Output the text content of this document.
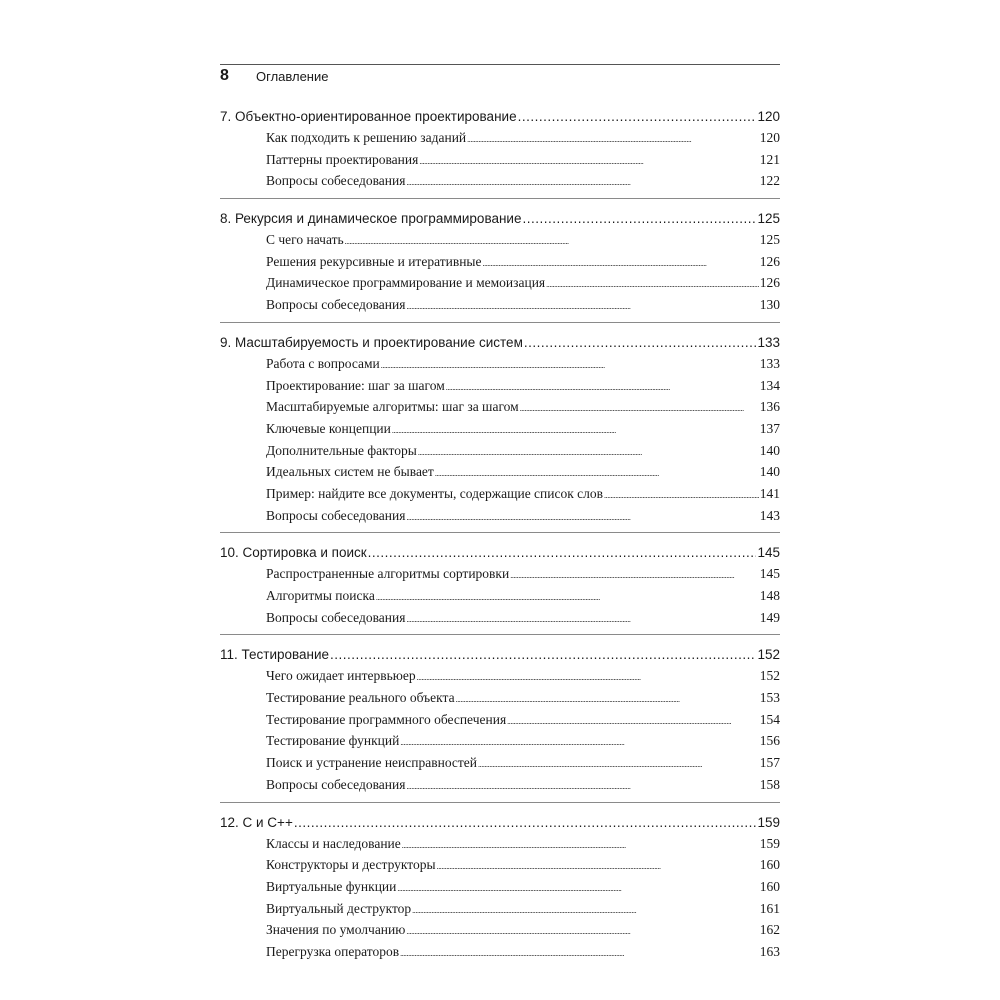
8 Оглавление
7. Объектно-ориентированное проектирование .....	120
Как подходить к решению заданий . . .	120
Паттерны проектирования . . .	121
Вопросы собеседования . . .	122
8. Рекурсия и динамическое программирование .....	125
С чего начать . . .	125
Решения рекурсивные и итеративные . . .	126
Динамическое программирование и мемоизация . . .	126
Вопросы собеседования . . .	130
9. Масштабируемость и проектирование систем .....	133
Работа с вопросами . . .	133
Проектирование: шаг за шагом . . .	134
Масштабируемые алгоритмы: шаг за шагом . . .	136
Ключевые концепции . . .	137
Дополнительные факторы . . .	140
Идеальных систем не бывает . . .	140
Пример: найдите все документы, содержащие список слов . . .	141
Вопросы собеседования . . .	143
10. Сортировка и поиск .....	145
Распространенные алгоритмы сортировки . . .	145
Алгоритмы поиска . . .	148
Вопросы собеседования . . .	149
11. Тестирование .....	152
Чего ожидает интервьюер . . .	152
Тестирование реального объекта . . .	153
Тестирование программного обеспечения . . .	154
Тестирование функций . . .	156
Поиск и устранение неисправностей . . .	157
Вопросы собеседования . . .	158
12. С и С++ .....	159
Классы и наследование . . .	159
Конструкторы и деструкторы . . .	160
Виртуальные функции . . .	160
Виртуальный деструктор . . .	161
Значения по умолчанию . . .	162
Перегрузка операторов . . .	163
